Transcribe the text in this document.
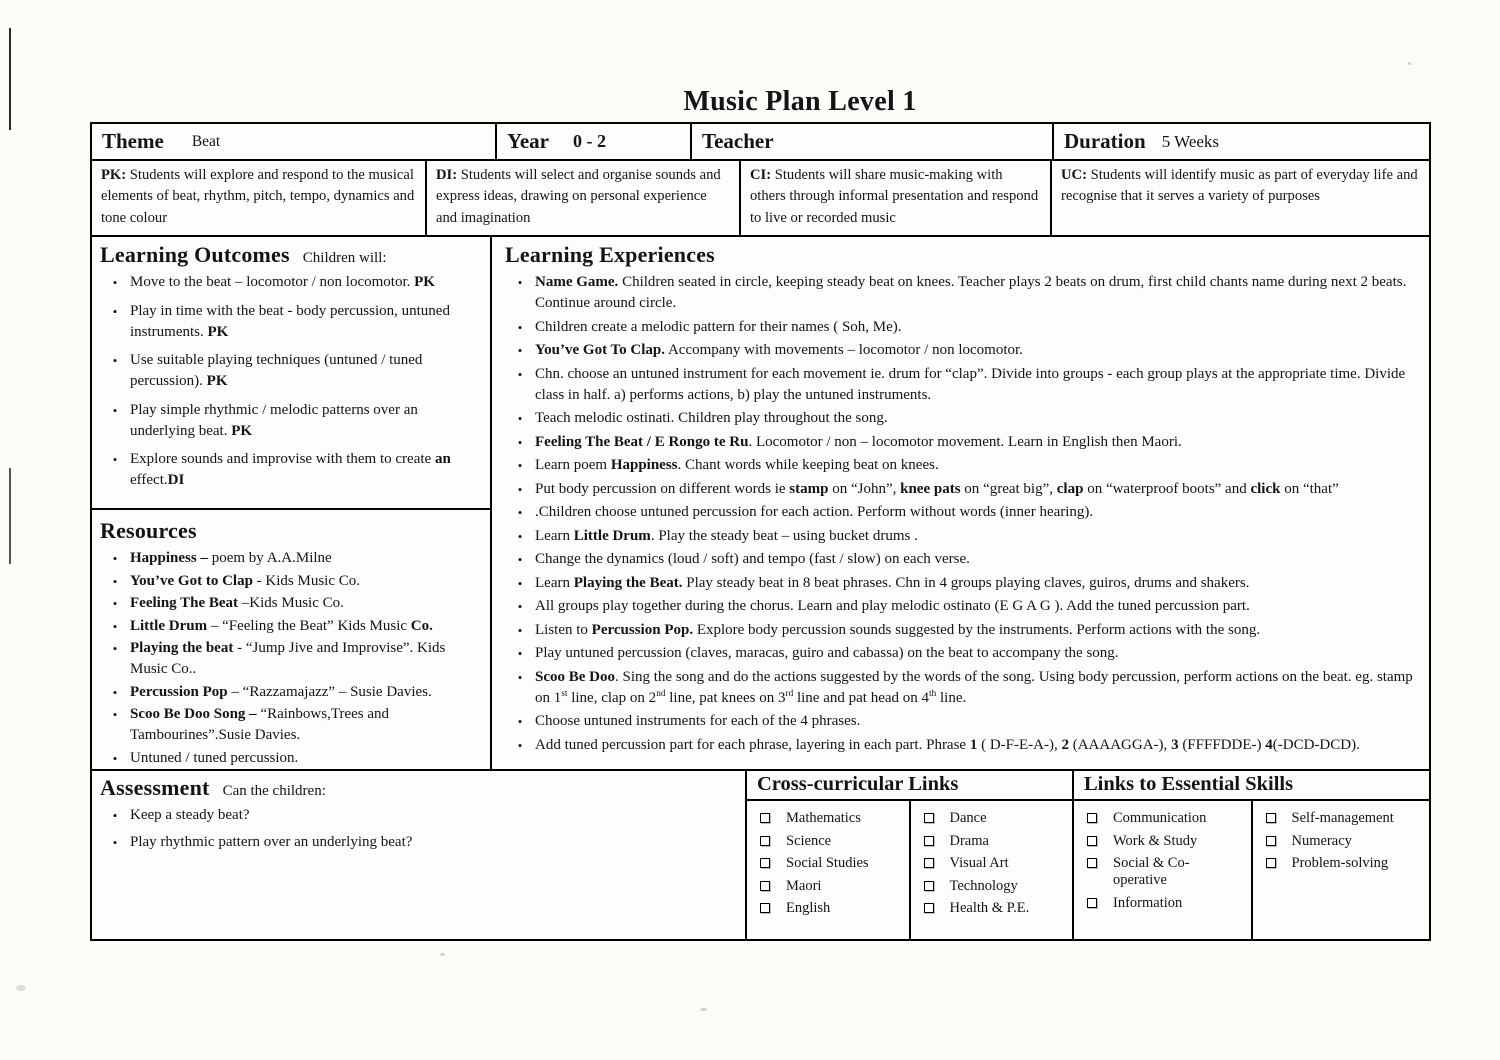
Music Plan Level 1
Theme Beat	Year 0 - 2	Teacher	Duration 5 Weeks
PK: Students will explore and respond to the musical elements of beat, rhythm, pitch, tempo, dynamics and tone colour
DI: Students will select and organise sounds and express ideas, drawing on personal experience and imagination
CI: Students will share music-making with others through informal presentation and respond to live or recorded music
UC: Students will identify music as part of everyday life and recognise that it serves a variety of purposes
Learning Outcomes Children will:
• Move to the beat – locomotor / non locomotor. PK
• Play in time with the beat - body percussion, untuned instruments. PK
• Use suitable playing techniques (untuned / tuned percussion). PK
• Play simple rhythmic / melodic patterns over an underlying beat. PK
• Explore sounds and improvise with them to create an effect.DI
Resources
• Happiness – poem by A.A.Milne
• You’ve Got to Clap - Kids Music Co.
• Feeling The Beat –Kids Music Co.
• Little Drum – “Feeling the Beat” Kids Music Co.
• Playing the beat - “Jump Jive and Improvise”. Kids Music Co..
• Percussion Pop – “Razzamajazz” – Susie Davies.
• Scoo Be Doo Song – “Rainbows,Trees and Tambourines”.Susie Davies.
• Untuned / tuned percussion.
Learning Experiences
• Name Game. Children seated in circle, keeping steady beat on knees. Teacher plays 2 beats on drum, first child chants name during next 2 beats. Continue around circle.
• Children create a melodic pattern for their names ( Soh, Me).
• You’ve Got To Clap. Accompany with movements – locomotor / non locomotor.
• Chn. choose an untuned instrument for each movement ie. drum for “clap”. Divide into groups - each group plays at the appropriate time. Divide class in half. a) performs actions, b) play the untuned instruments.
• Teach melodic ostinati. Children play throughout the song.
• Feeling The Beat / E Rongo te Ru. Locomotor / non – locomotor movement. Learn in English then Maori.
• Learn poem Happiness. Chant words while keeping beat on knees.
• Put body percussion on different words ie stamp on “John”, knee pats on “great big”, clap on “waterproof boots” and click on “that”
• .Children choose untuned percussion for each action. Perform without words (inner hearing).
• Learn Little Drum. Play the steady beat – using bucket drums .
• Change the dynamics (loud / soft) and tempo (fast / slow) on each verse.
• Learn Playing the Beat. Play steady beat in 8 beat phrases. Chn in 4 groups playing claves, guiros, drums and shakers.
• All groups play together during the chorus. Learn and play melodic ostinato (E G A G ). Add the tuned percussion part.
• Listen to Percussion Pop. Explore body percussion sounds suggested by the instruments. Perform actions with the song.
• Play untuned percussion (claves, maracas, guiro and cabassa) on the beat to accompany the song.
• Scoo Be Doo. Sing the song and do the actions suggested by the words of the song. Using body percussion, perform actions on the beat. eg. stamp on 1st line, clap on 2nd line, pat knees on 3rd line and pat head on 4th line.
• Choose untuned instruments for each of the 4 phrases.
• Add tuned percussion part for each phrase, layering in each part. Phrase 1 ( D-F-E-A-), 2 (AAAAGGA-), 3 (FFFFDDE-) 4(-DCD-DCD).
Assessment Can the children:
• Keep a steady beat?
• Play rhythmic pattern over an underlying beat?
Cross-curricular Links
Mathematics
Science
Social Studies
Maori
English
Dance
Drama
Visual Art
Technology
Health & P.E.
Links to Essential Skills
Communication
Work & Study
Social & Co-operative
Information
Self-management
Numeracy
Problem-solving
